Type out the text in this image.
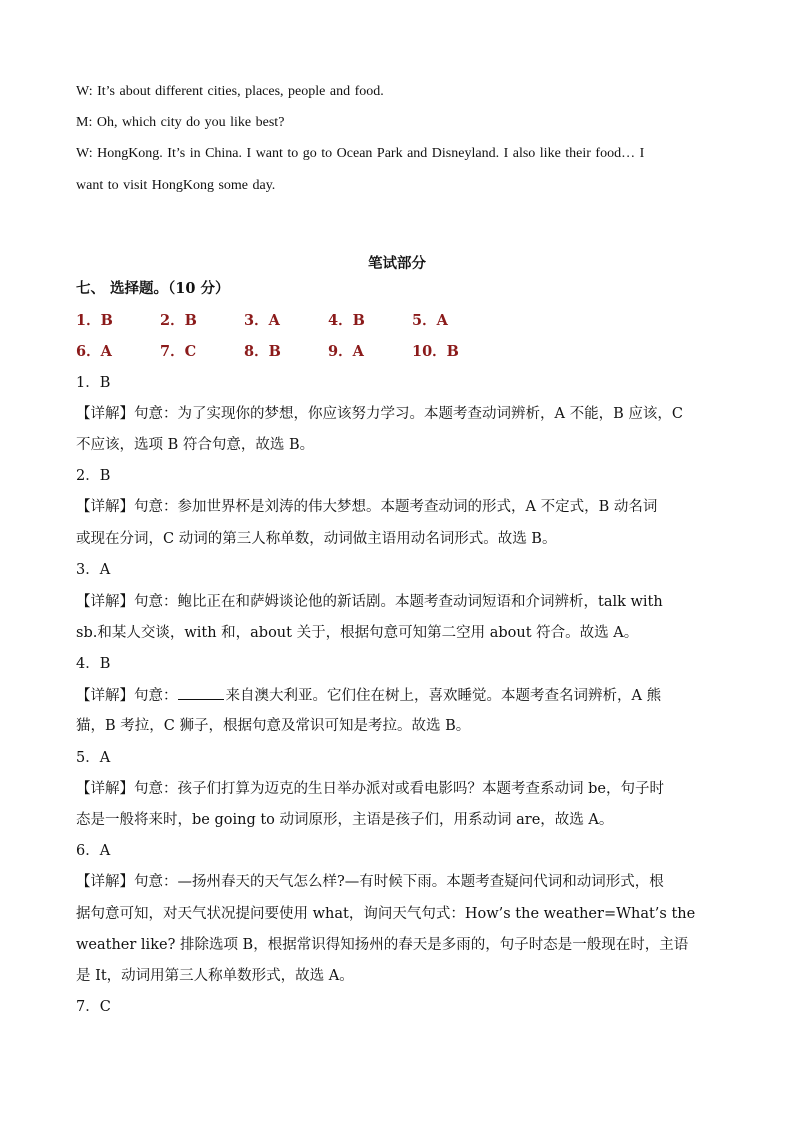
W: It’s about different cities, places, people and food.
M: Oh, which city do you like best?
W: HongKong. It’s in China. I want to go to Ocean Park and Disneyland. I also like their food… I
want to visit HongKong some day.
笔试部分
七、 选择题。（10 分）
1．B	2．B	3．A	4．B	5．A
6．A	7．C	8．B	9．A	10．B
1．B
【详解】句意：为了实现你的梦想，你应该努力学习。本题考查动词辨析，A 不能，B 应该，C
不应该，选项 B 符合句意，故选 B。
2．B
【详解】句意：参加世界杯是刘涛的伟大梦想。本题考查动词的形式，A 不定式，B 动名词
或现在分词，C 动词的第三人称单数，动词做主语用动名词形式。故选 B。
3．A
【详解】句意：鲍比正在和萨姆谈论他的新话剧。本题考查动词短语和介词辨析，talk with
sb.和某人交谈，with 和，about 关于，根据句意可知第二空用 about 符合。故选 A。
4．B
【详解】句意：	来自澳大利亚。它们住在树上，喜欢睡觉。本题考查名词辨析，A 熊
猫，B 考拉，C 狮子，根据句意及常识可知是考拉。故选 B。
5．A
【详解】句意：孩子们打算为迈克的生日举办派对或看电影吗？本题考查系动词 be，句子时
态是一般将来时，be going to 动词原形，主语是孩子们，用系动词 are，故选 A。
6．A
【详解】句意：—扬州春天的天气怎么样?—有时候下雨。本题考查疑问代词和动词形式，根
据句意可知，对天气状况提问要使用 what，询问天气句式：How’s the weather=What’s the
weather like? 排除选项 B，根据常识得知扬州的春天是多雨的，句子时态是一般现在时，主语
是 It，动词用第三人称单数形式，故选 A。
7．C
